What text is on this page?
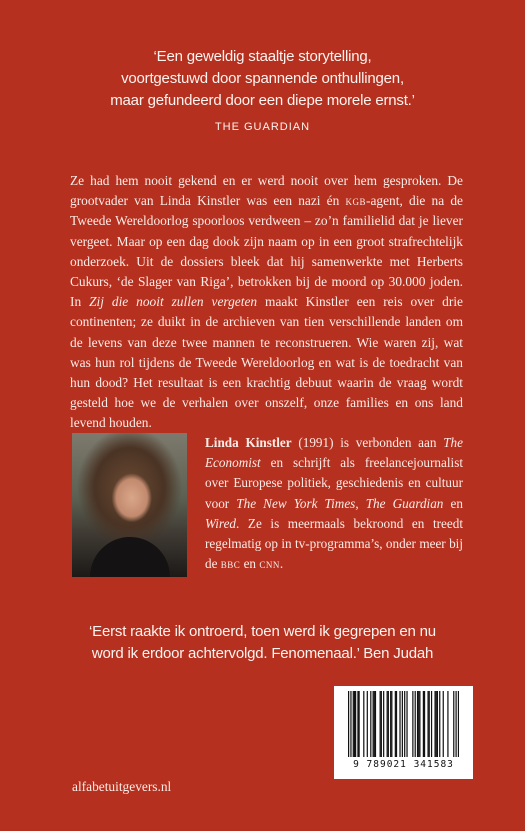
‘Een geweldig staaltje storytelling,
voortgestuwd door spannende onthullingen,
maar gefundeerd door een diepe morele ernst.’
THE GUARDIAN

Ze had hem nooit gekend en er werd nooit over hem gesproken. De grootvader van Linda Kinstler was een nazi én kgb-agent, die na de Tweede Wereldoorlog spoorloos verdween – zo’n familielid dat je liever vergeet. Maar op een dag dook zijn naam op in een groot strafrechtelijk onderzoek. Uit de dossiers bleek dat hij samenwerkte met Herberts Cukurs, ‘de Slager van Riga’, betrokken bij de moord op 30.000 joden. In Zij die nooit zullen vergeten maakt Kinstler een reis over drie continenten; ze duikt in de archieven van tien verschillende landen om de levens van deze twee mannen te reconstrueren. Wie waren zij, wat was hun rol tijdens de Tweede Wereldoorlog en wat is de toedracht van hun dood? Het resultaat is een krachtig debuut waarin de vraag wordt gesteld hoe we de verhalen over onszelf, onze families en ons land levend houden.

Linda Kinstler (1991) is verbonden aan The Economist en schrijft als freelancejournalist over Europese politiek, geschiedenis en cultuur voor The New York Times, The Guardian en Wired. Ze is meermaals bekroond en treedt regelmatig op in tv-programma’s, onder meer bij de bbc en cnn.
‘Eerst raakte ik ontroerd, toen werd ik gegrepen en nu
word ik erdoor achtervolgd. Fenomenaal.’ Ben Judah
9 789021 341583
alfabetuitgevers.nl
